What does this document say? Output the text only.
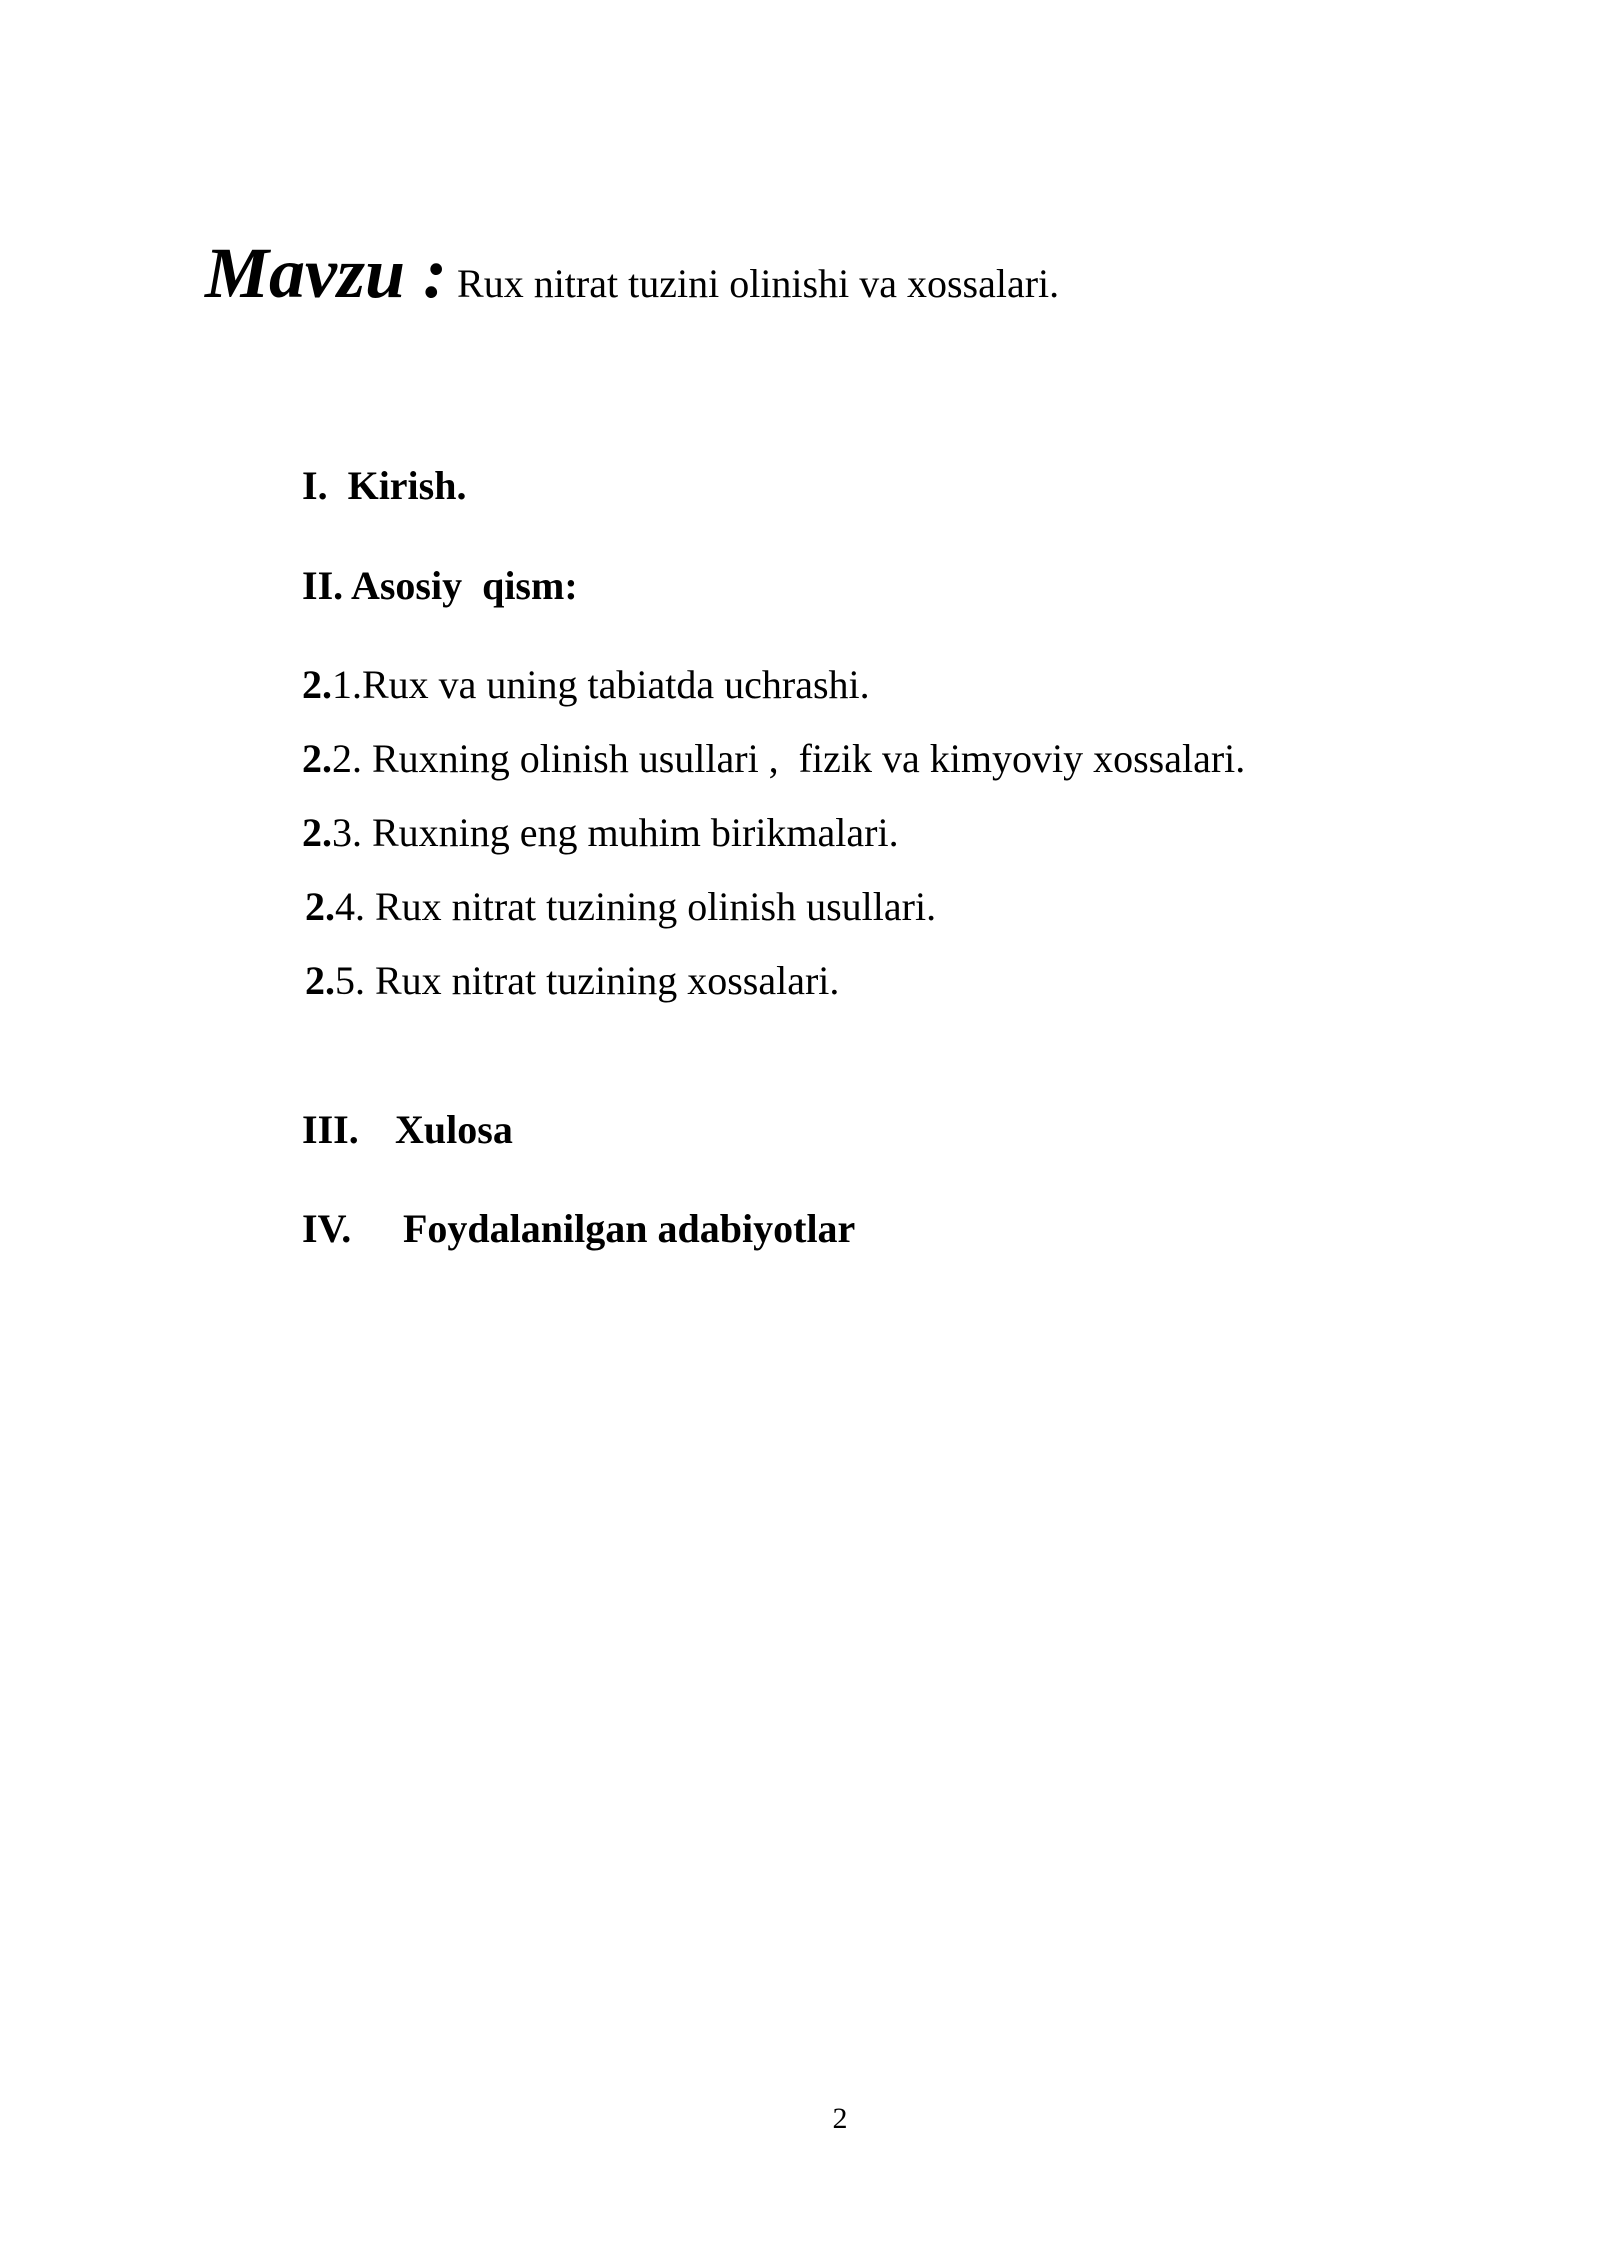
Mavzu : Rux nitrat tuzini olinishi va xossalari.
I. Kirish.
II. Asosiy  qism:
2.1.Rux va uning tabiatda uchrashi.
2.2. Ruxning olinish usullari ,  fizik va kimyoviy xossalari.
2.3. Ruxning eng muhim birikmalari.
2.4. Rux nitrat tuzining olinish usullari.
2.5. Rux nitrat tuzining xossalari.
III. Xulosa
IV. Foydalanilgan adabiyotlar
2
